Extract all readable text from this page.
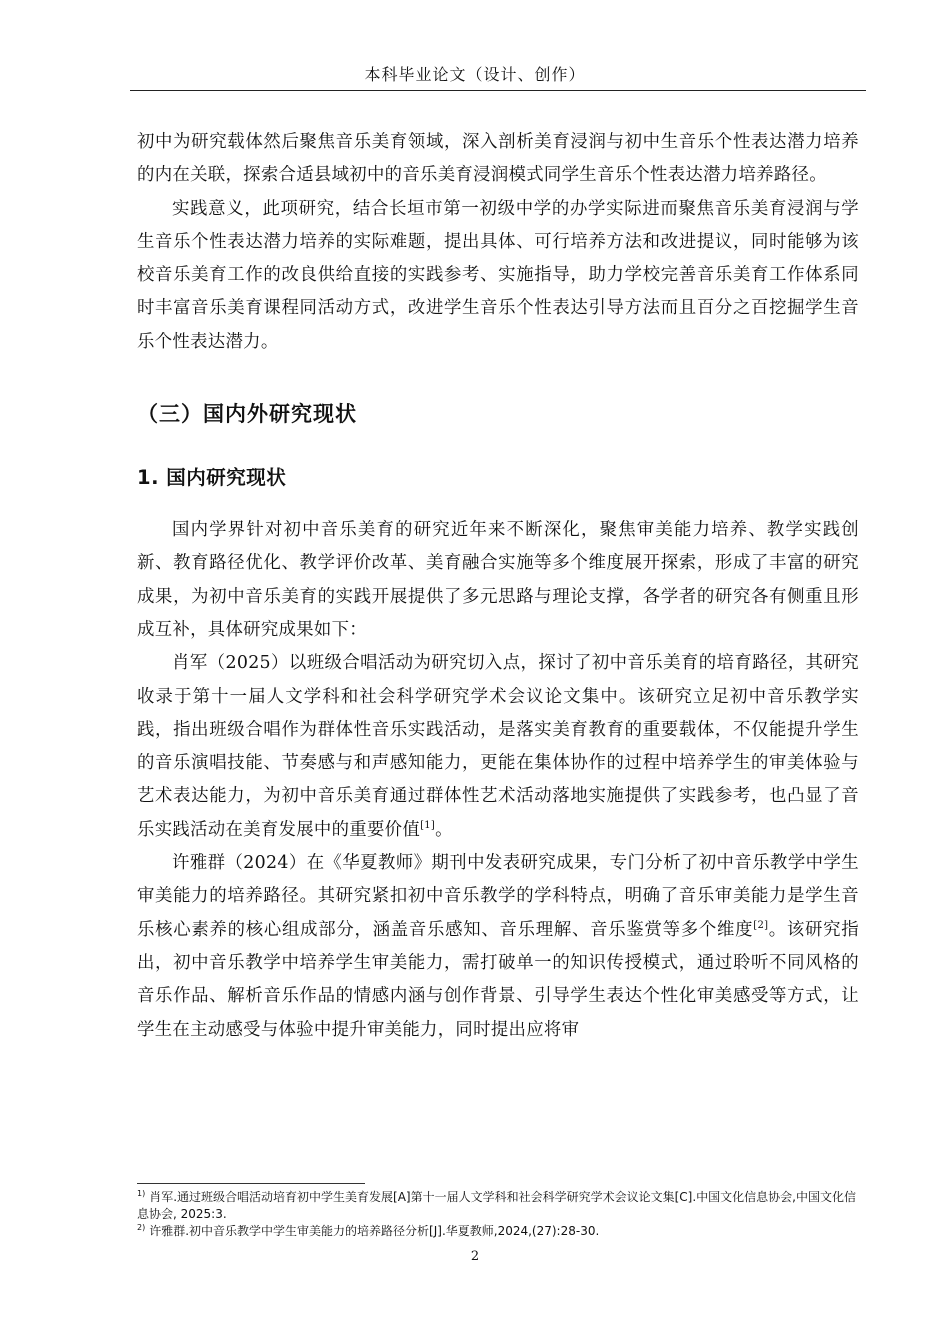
本科毕业论文（设计、创作）

初中为研究载体然后聚焦音乐美育领域，深入剖析美育浸润与初中生音乐个性表达潜力培养的内在关联，探索合适县域初中的音乐美育浸润模式同学生音乐个性表达潜力培养路径。

实践意义，此项研究，结合长垣市第一初级中学的办学实际进而聚焦音乐美育浸润与学生音乐个性表达潜力培养的实际难题，提出具体、可行培养方法和改进提议，同时能够为该校音乐美育工作的改良供给直接的实践参考、实施指导，助力学校完善音乐美育工作体系同时丰富音乐美育课程同活动方式，改进学生音乐个性表达引导方法而且百分之百挖掘学生音乐个性表达潜力。

（三）国内外研究现状
1. 国内研究现状

国内学界针对初中音乐美育的研究近年来不断深化，聚焦审美能力培养、教学实践创新、教育路径优化、教学评价改革、美育融合实施等多个维度展开探索，形成了丰富的研究成果，为初中音乐美育的实践开展提供了多元思路与理论支撑，各学者的研究各有侧重且形成互补，具体研究成果如下：

肖军（2025）以班级合唱活动为研究切入点，探讨了初中音乐美育的培育路径，其研究收录于第十一届人文学科和社会科学研究学术会议论文集中。该研究立足初中音乐教学实践，指出班级合唱作为群体性音乐实践活动，是落实美育教育的重要载体，不仅能提升学生的音乐演唱技能、节奏感与和声感知能力，更能在集体协作的过程中培养学生的审美体验与艺术表达能力，为初中音乐美育通过群体性艺术活动落地实施提供了实践参考，也凸显了音乐实践活动在美育发展中的重要价值[1]。

许雅群（2024）在《华夏教师》期刊中发表研究成果，专门分析了初中音乐教学中学生审美能力的培养路径。其研究紧扣初中音乐教学的学科特点，明确了音乐审美能力是学生音乐核心素养的核心组成部分，涵盖音乐感知、音乐理解、音乐鉴赏等多个维度[2]。该研究指出，初中音乐教学中培养学生审美能力，需打破单一的知识传授模式，通过聆听不同风格的音乐作品、解析音乐作品的情感内涵与创作背景、引导学生表达个性化审美感受等方式，让学生在主动感受与体验中提升审美能力，同时提出应将审

$^{1)}$ 肖军.通过班级合唱活动培育初中学生美育发展[A]第十一届人文学科和社会科学研究学术会议论文集[C].中国文化信息协会,中国文化信息协会, 2025:3.

$^{2)}$ 许雅群.初中音乐教学中学生审美能力的培养路径分析[J].华夏教师,2024,(27):28-30.

2
